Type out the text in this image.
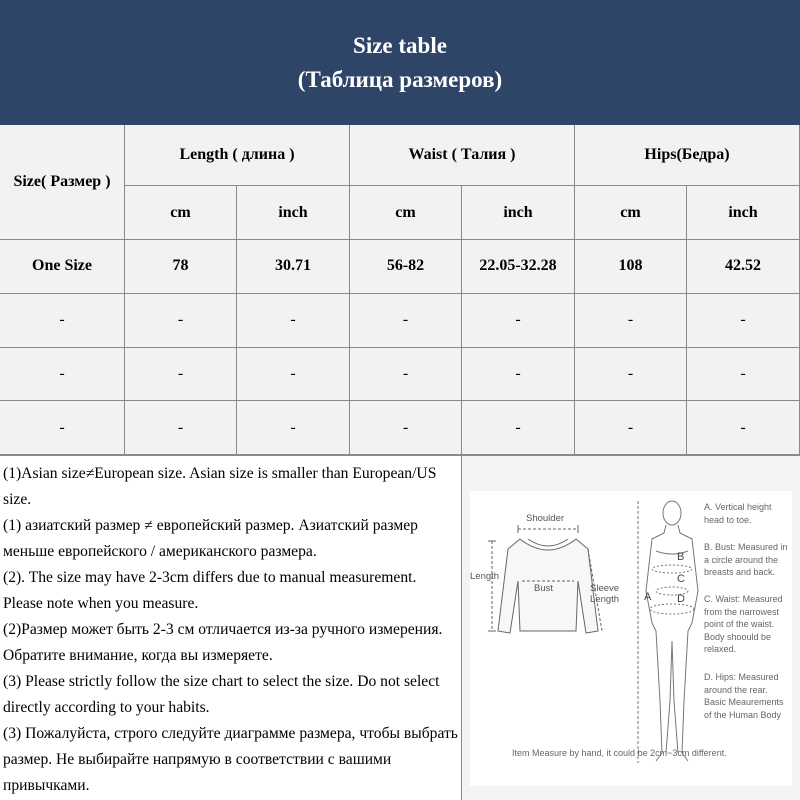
Size table
(Таблица размеров)
Size( Размер )
Length ( длина )	Waist ( Талия )	Hips(Бедра)
cm	inch	cm	inch	cm	inch
One Size	78	30.71	56-82	22.05-32.28	108	42.52
-	-	-	-	-	-	-
-	-	-	-	-	-	-
-	-	-	-	-	-	-

(1)Asian size≠European size. Asian size is smaller than European/US size.

(1) азиатский размер ≠ европейский размер. Азиатский размер меньше европейского / американского размера.

(2). The size may have 2-3cm differs due to manual measurement. Please note when you measure.

(2)Размер может быть 2-3 см отличается из-за ручного измерения. Обратите внимание, когда вы измеряете.

(3) Please strictly follow the size chart to select the size. Do not select directly according to your habits.

(3) Пожалуйста, строго следуйте диаграмме размера, чтобы выбрать размер. Не выбирайте напрямую в соответствии с вашими привычками.

Shoulder
Length
Bust	Sleeve Length	A
B
C
D
A. Vertical height head to toe.
B. Bust: Measured in a circle around the breasts and back.
C. Waist: Measured from the narrowest point of the waist. Body shoould be relaxed.
D. Hips: Measured around the rear. Basic Meaurements of the Human Body
Item Measure by hand, it could be 2cm~3cm different.
